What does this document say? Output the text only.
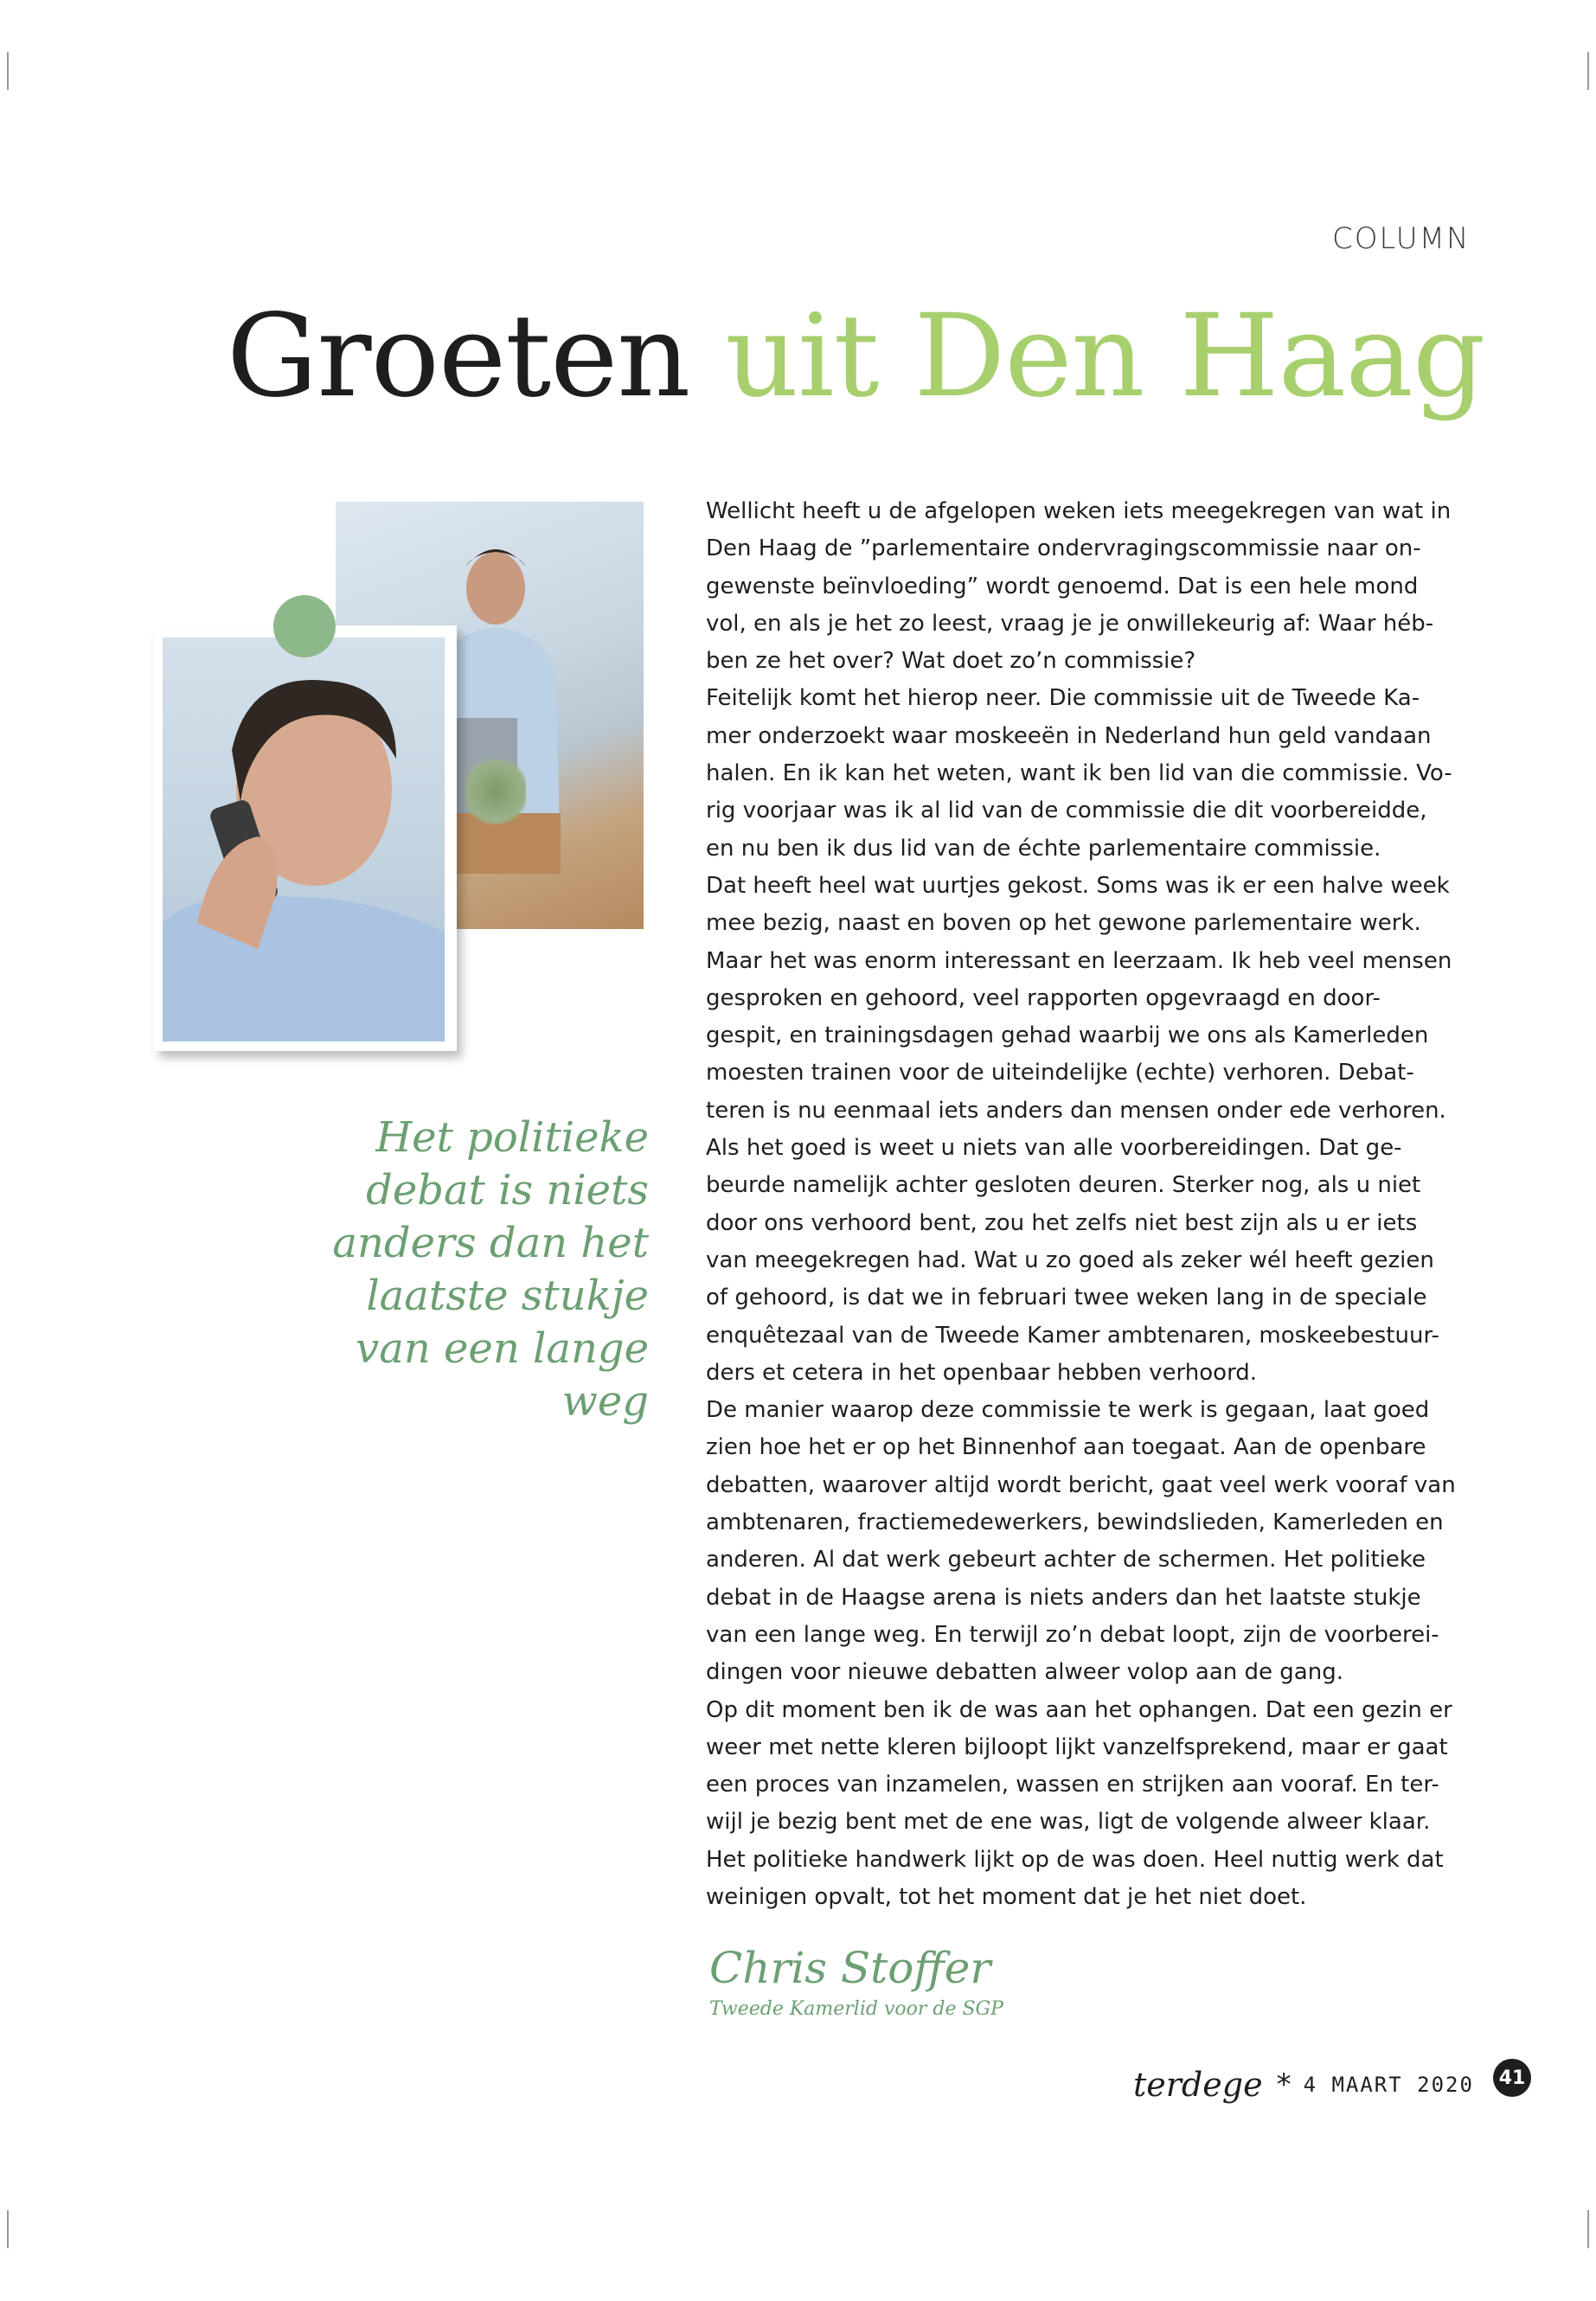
COLUMN
Groeten uit Den Haag
Het politieke
debat is niets
anders dan het
laatste stukje
van een lange
weg
Wellicht heeft u de afgelopen weken iets meegekregen van wat in
Den Haag de ”parlementaire ondervragingscommissie naar on-
gewenste beïnvloeding” wordt genoemd. Dat is een hele mond
vol, en als je het zo leest, vraag je je onwillekeurig af: Waar héb-
ben ze het over? Wat doet zo’n commissie?
Feitelijk komt het hierop neer. Die commissie uit de Tweede Ka-
mer onderzoekt waar moskeeën in Nederland hun geld vandaan
halen. En ik kan het weten, want ik ben lid van die commissie. Vo-
rig voorjaar was ik al lid van de commissie die dit voorbereidde,
en nu ben ik dus lid van de échte parlementaire commissie.
Dat heeft heel wat uurtjes gekost. Soms was ik er een halve week
mee bezig, naast en boven op het gewone parlementaire werk.
Maar het was enorm interessant en leerzaam. Ik heb veel mensen
gesproken en gehoord, veel rapporten opgevraagd en door-
gespit, en trainingsdagen gehad waarbij we ons als Kamerleden
moesten trainen voor de uiteindelijke (echte) verhoren. Debat-
teren is nu eenmaal iets anders dan mensen onder ede verhoren.
Als het goed is weet u niets van alle voorbereidingen. Dat ge-
beurde namelijk achter gesloten deuren. Sterker nog, als u niet
door ons verhoord bent, zou het zelfs niet best zijn als u er iets
van meegekregen had. Wat u zo goed als zeker wél heeft gezien
of gehoord, is dat we in februari twee weken lang in de speciale
enquêtezaal van de Tweede Kamer ambtenaren, moskeebestuur-
ders et cetera in het openbaar hebben verhoord.
De manier waarop deze commissie te werk is gegaan, laat goed
zien hoe het er op het Binnenhof aan toegaat. Aan de openbare
debatten, waarover altijd wordt bericht, gaat veel werk vooraf van
ambtenaren, fractiemedewerkers, bewindslieden, Kamerleden en
anderen. Al dat werk gebeurt achter de schermen. Het politieke
debat in de Haagse arena is niets anders dan het laatste stukje
van een lange weg. En terwijl zo’n debat loopt, zijn de voorberei-
dingen voor nieuwe debatten alweer volop aan de gang.
Op dit moment ben ik de was aan het ophangen. Dat een gezin er
weer met nette kleren bijloopt lijkt vanzelfsprekend, maar er gaat
een proces van inzamelen, wassen en strijken aan vooraf. En ter-
wijl je bezig bent met de ene was, ligt de volgende alweer klaar.
Het politieke handwerk lijkt op de was doen. Heel nuttig werk dat
weinigen opvalt, tot het moment dat je het niet doet.
Chris Stoffer
Tweede Kamerlid voor de SGP
terdege * 4 MAART 2020	41
